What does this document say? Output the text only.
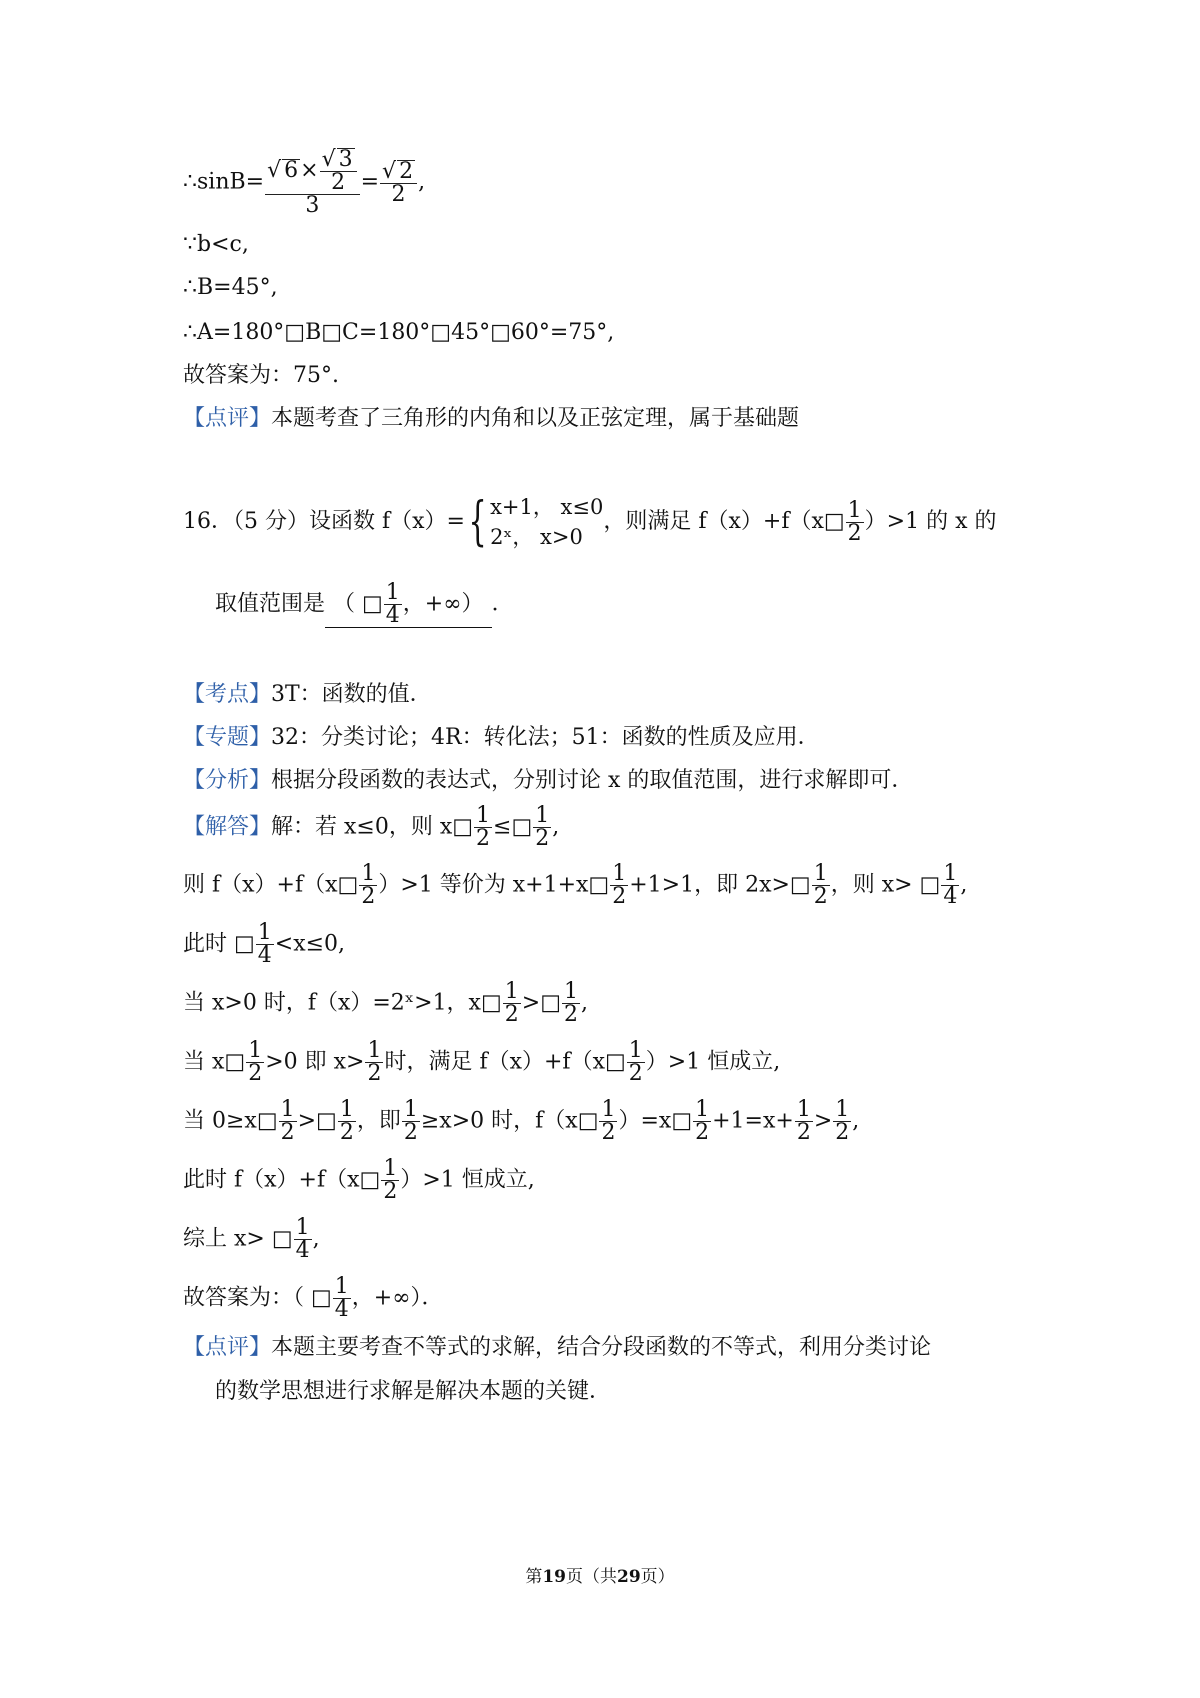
∴sinB= $\frac{√ 6\times \frac{√ 3}{2}}{3} = \frac{√ 2}{2}$ ,
∵b<c,
∴B=45°,
∴A=180°□B□C=180°□45°□60°=75°,
故答案为：75°.
【点评】本题考查了三角形的内角和以及正弦定理，属于基础题
16．（5 分）设函数 f（x）={ x+1， x≤0
2ˣ， x>0
，则满足 f（x）+f（x□ $\frac{1}{2} )>1$ 的 x 的
取值范围是 （ □ $\frac{1}{4}$ ，+∞） ．
【考点】3T：函数的值．
【专题】32：分类讨论；4R：转化法；51：函数的性质及应用．
【分析】根据分段函数的表达式，分别讨论 x 的取值范围，进行求解即可．
【解答】解：若 x≤0，则 x□ $\frac{1}{2}$ ≤□ $\frac{1}{2}$ ,
则 f（x）+f（x□ $\frac{1}{2} )>1$ 等价为 x+1+x□ $\frac{1}{2} +1>1$，即 2x>□ $\frac{1}{2}$ ，则 x> □ $\frac{1}{4}$ ,
此时 □ $\frac{1}{4} <x\le 0$,
当 x>0 时，f（x）=2ˣ>1，x□ $\frac{1}{2}$ >□ $\frac{1}{2}$ ,
当 x□ $\frac{1}{2} >0$ 即 $x> \frac{1}{2}$ 时，满足 f（x）+f（x□ $\frac{1}{2} )>1$ 恒成立,
当 0≥x□ $\frac{1}{2}$ >□ $\frac{1}{2}$ ，即 $\frac{1}{2} \ge x>0$ 时，f（x□ $\frac{1}{2}$ ）=x□ $\frac{1}{2} +1=x+ \frac{1}{2} > \frac{1}{2}$ ,
此时 f（x）+f（x□ $\frac{1}{2} )>1$ 恒成立,
综上 x> □ $\frac{1}{4}$ ,
故答案为：（ □ $\frac{1}{4}$ ，+∞）．
【点评】本题主要考查不等式的求解，结合分段函数的不等式，利用分类讨论
的数学思想进行求解是解决本题的关键．
第19页（共29页）
